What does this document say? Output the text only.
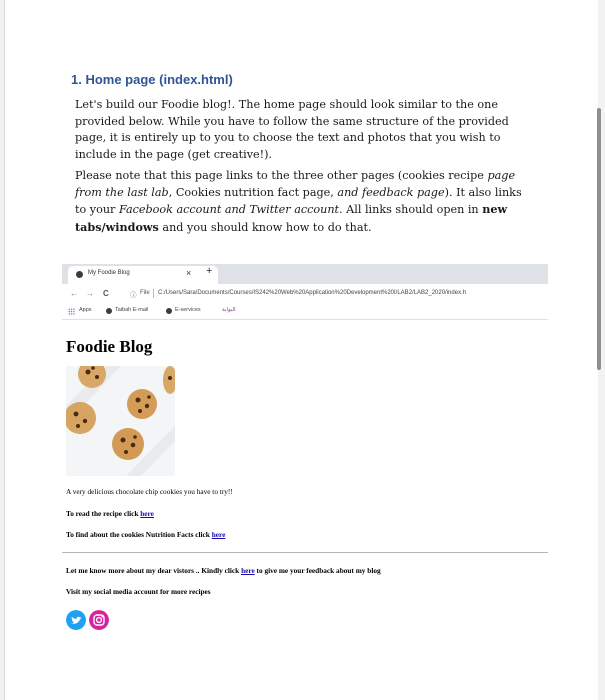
1. Home page (index.html)

Let's build our Foodie blog!. The home page should look similar to the one provided below. While you have to follow the same structure of the provided page, it is entirely up to you to choose the text and photos that you wish to include in the page (get creative!).

Please note that this page links to the three other pages (cookies recipe page from the last lab, Cookies nutrition fact page, and feedback page). It also links to your Facebook account and Twitter account. All links should open in new tabs/windows and you should know how to do that.

My Foodie Blog	× +
← → C	ⓘ File C:/Users/Sara/Documents/Courses/IS242%20Web%20Application%20Development%20I/LAB2/LAB2_2020/index.h
Apps	Taibah E-mail	E-services	البوابة
Foodie Blog
A very delicious chocolate chip cookies you have to try!!
To read the recipe click here
To find about the cookies Nutrition Facts click here
Let me know more about my dear vistors .. Kindly click here to give me your feedback about my blog
Visit my social media account for more recipes
